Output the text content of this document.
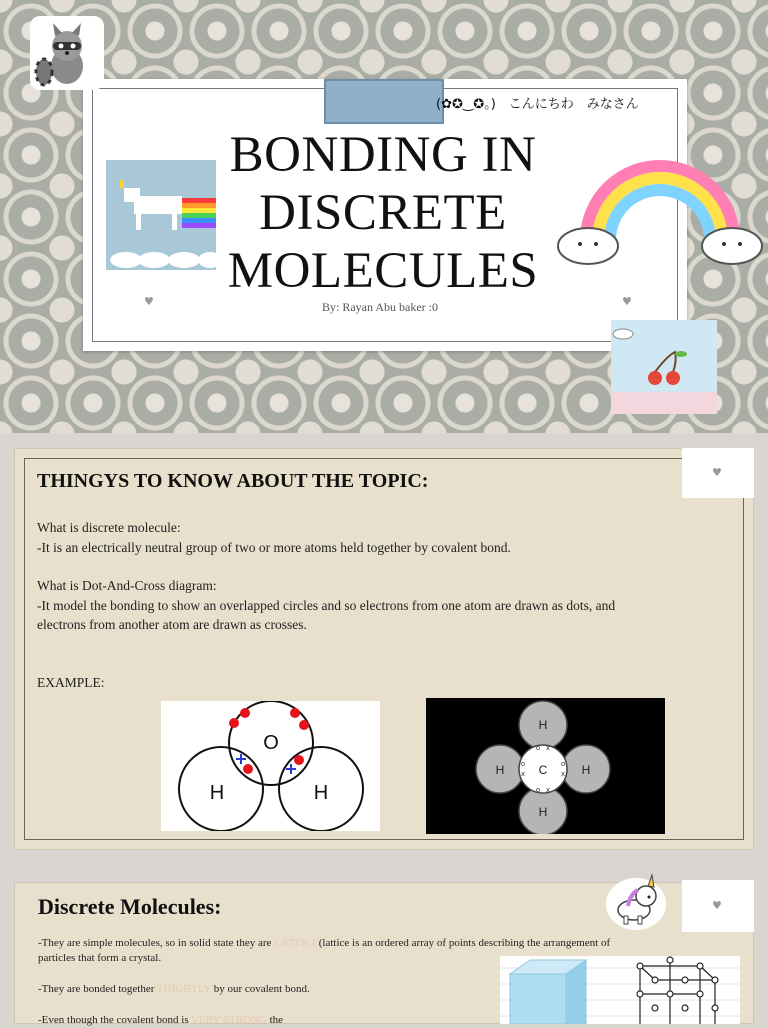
(✿✪‿✪｡)　こんにちわ　みなさん
BONDING IN
DISCRETE
MOLECULES
By: Rayan Abu baker :0
♥	♥
♥
THINGYS TO KNOW ABOUT THE TOPIC:
What is discrete molecule:
-It is an electrically neutral group of two or more atoms held together by covalent bond.
What is Dot-And-Cross diagram:
-It model the bonding to show an overlapped circles and so electrons from one atom are drawn as dots, and
electrons from another atom are drawn as crosses.
EXAMPLE:
O
H	H
C
H
H
H	H
o x
o x
o
x
o
x
♥
Discrete Molecules:
-They are simple molecules, so in solid state they are LATTICE(lattice is an ordered array of points describing the arrangement of
particles that form a crystal.
-They are bonded together THIGHTLY by our covalent bond.
-Even though the covalent bond is VERY STRONG the
